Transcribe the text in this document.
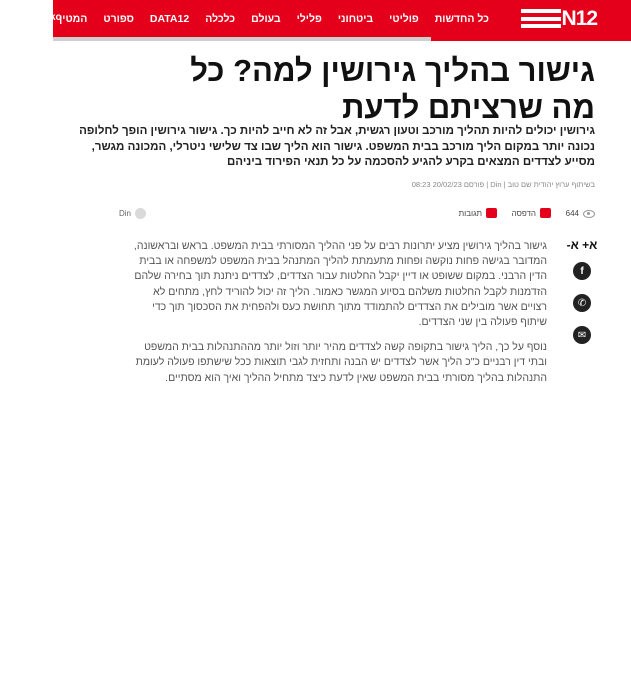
N12
כל החדשות
פוליטי
ביטחוני
פלילי
בעולם
כלכלה
DATA12
ספורט
המטין
תוכניות ko
גישור בהליך גירושין למה? כל מה שרציתם לדעת
גירושין יכולים להיות תהליך מורכב וטעון רגשית, אבל זה לא חייב להיות כך. גישור גירושין הופך לחלופה נכונה יותר במקום הליך מורכב בבית המשפט. גישור הוא הליך שבו צד שלישי ניטרלי, המכונה מגשר, מסייע לצדדים המצאים בקרע להגיע להסכמה על כל תנאי הפירוד ביניהם
בשיתוף ערוץ יהודית שם טוב | Din | פורסם 20/02/23 08:23
644
הדפסה
תגובות
Din
א+ א-
f
✆
✉

גישור בהליך גירושין מציע יתרונות רבים על פני ההליך המסורתי בבית המשפט. בראש ובראשונה, המדובר בגישה פחות נוקשה ופחות מתעמתת להליך המתנהל בבית המשפט למשפחה או בבית הדין הרבני. במקום ששופט או דיין יקבל החלטות עבור הצדדים, לצדדים ניתנת תוך בחירה שלהם הזדמנות לקבל החלטות משלהם בסיוע המגשר כאמור. הליך זה יכול להוריד לחץ, מתחים לא רצויים אשר מובילים את הצדדים להתמודד מתוך תחושת כעס ולהפחית את הסכסוך תוך כדי שיתוף פעולה בין שני הצדדים.

נוסף על כך, הליך גישור בתקופה קשה לצדדים מהיר יותר וזול יותר מההתנהלות בבית המשפט ובתי דין רבניים כ"כ הליך אשר לצדדים יש הבנה ותחזית לגבי תוצאות ככל שישתפו פעולה לעומת התנהלות בהליך מסורתי בבית המשפט שאין לדעת כיצד מתחיל ההליך ואיך הוא מסתיים.
